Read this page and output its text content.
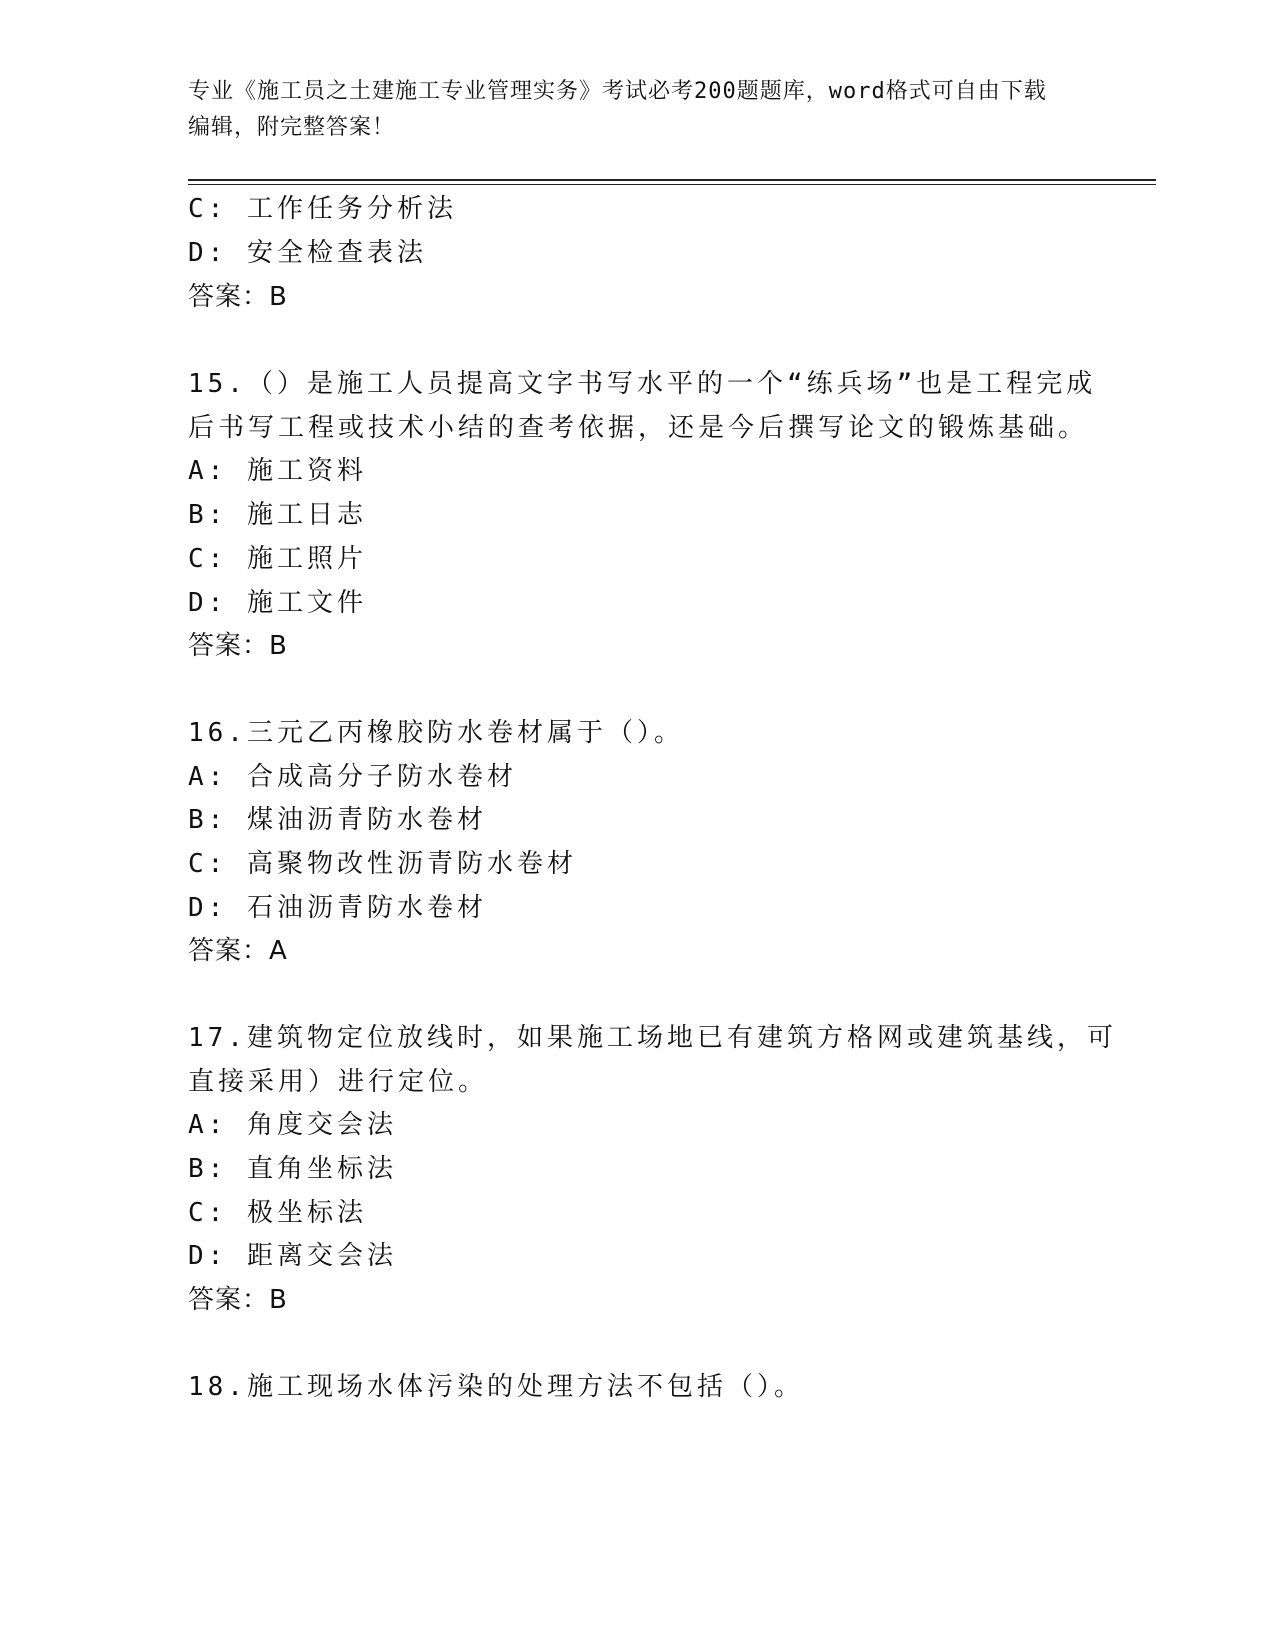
专业《施工员之土建施工专业管理实务》考试必考200题题库，word格式可自由下载编辑，附完整答案！
C: 工作任务分析法
D: 安全检查表法
答案：B
15.（）是施工人员提高文字书写水平的一个“练兵场”也是工程完成
后书写工程或技术小结的查考依据，还是今后撰写论文的锻炼基础。
A: 施工资料
B: 施工日志
C: 施工照片
D: 施工文件
答案：B
16.三元乙丙橡胶防水卷材属于（）。
A: 合成高分子防水卷材
B: 煤油沥青防水卷材
C: 高聚物改性沥青防水卷材
D: 石油沥青防水卷材
答案：A
17.建筑物定位放线时，如果施工场地已有建筑方格网或建筑基线，可
直接采用）进行定位。
A: 角度交会法
B: 直角坐标法
C: 极坐标法
D: 距离交会法
答案：B
18.施工现场水体污染的处理方法不包括（）。
